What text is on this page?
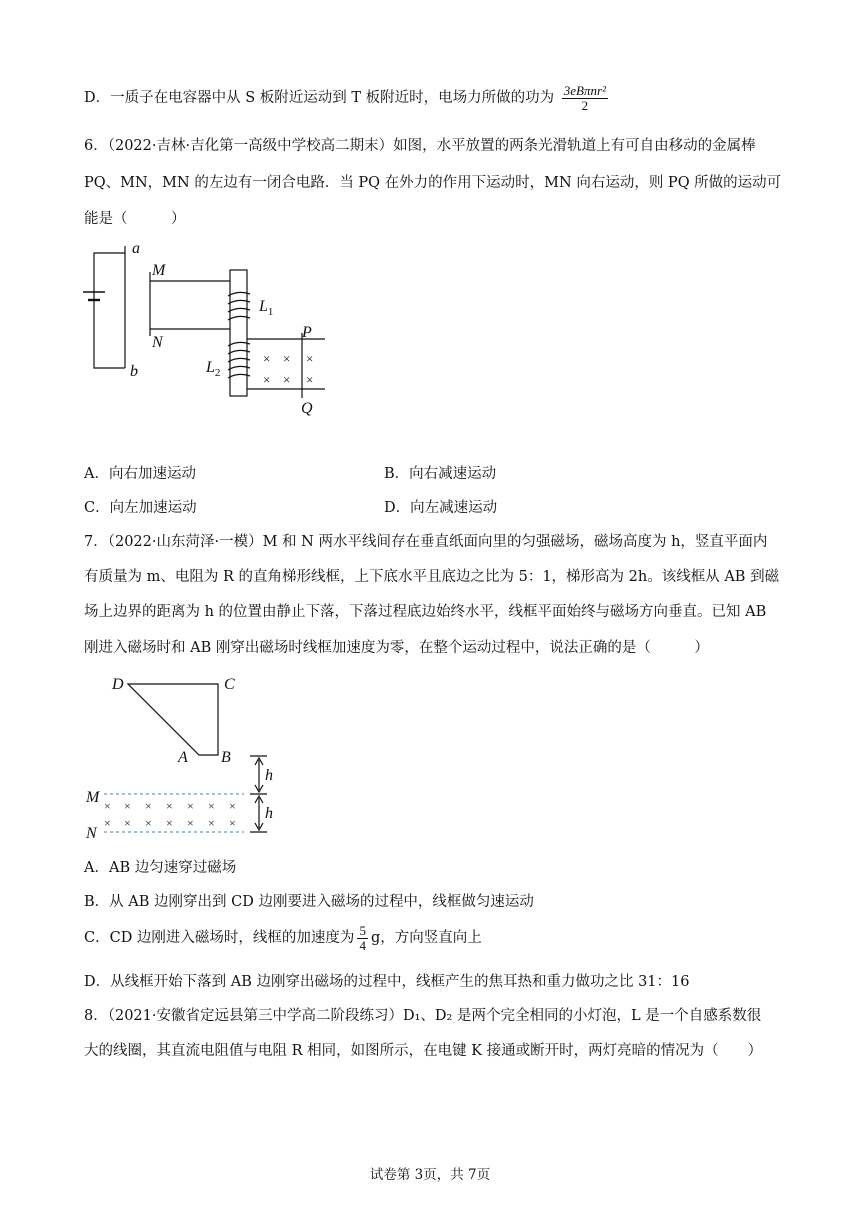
D．一质子在电容器中从 S 板附近运动到 T 板附近时，电场力所做的功为 $\frac{\text{3eBπnr²}}{2}$
6．（2022·吉林·吉化第一高级中学校高二期末）如图，水平放置的两条光滑轨道上有可自由移动的金属棒
PQ、MN，MN 的左边有一闭合电路．当 PQ 在外力的作用下运动时，MN 向右运动，则 PQ 所做的运动可
能是（　　　）
× × ×
× × ×
a
b
M
N
$L_1$
$L_2$
P
Q
A．向右加速运动	B．向右减速运动
C．向左加速运动	D．向左减速运动
7．（2022·山东菏泽·一模）M 和 N 两水平线间存在垂直纸面向里的匀强磁场，磁场高度为 h，竖直平面内
有质量为 m、电阻为 R 的直角梯形线框，上下底水平且底边之比为 5：1，梯形高为 2h。该线框从 AB 到磁
场上边界的距离为 h 的位置由静止下落，下落过程底边始终水平，线框平面始终与磁场方向垂直。已知 AB
刚进入磁场时和 AB 刚穿出磁场时线框加速度为零，在整个运动过程中，说法正确的是（　　　）
× × × × × × ×
× × × × × × ×
D	C
A B
M
N
h
h
A．AB 边匀速穿过磁场
B．从 AB 边刚穿出到 CD 边刚要进入磁场的过程中，线框做匀速运动
C．CD 边刚进入磁场时，线框的加速度为 $\frac{5}{4}$ g，方向竖直向上
D．从线框开始下落到 AB 边刚穿出磁场的过程中，线框产生的焦耳热和重力做功之比 31：16
8．（2021·安徽省定远县第三中学高二阶段练习）D₁、D₂ 是两个完全相同的小灯泡，L 是一个自感系数很
大的线圈，其直流电阻值与电阻 R 相同，如图所示，在电键 K 接通或断开时，两灯亮暗的情况为（　　）
试卷第 3页，共 7页
